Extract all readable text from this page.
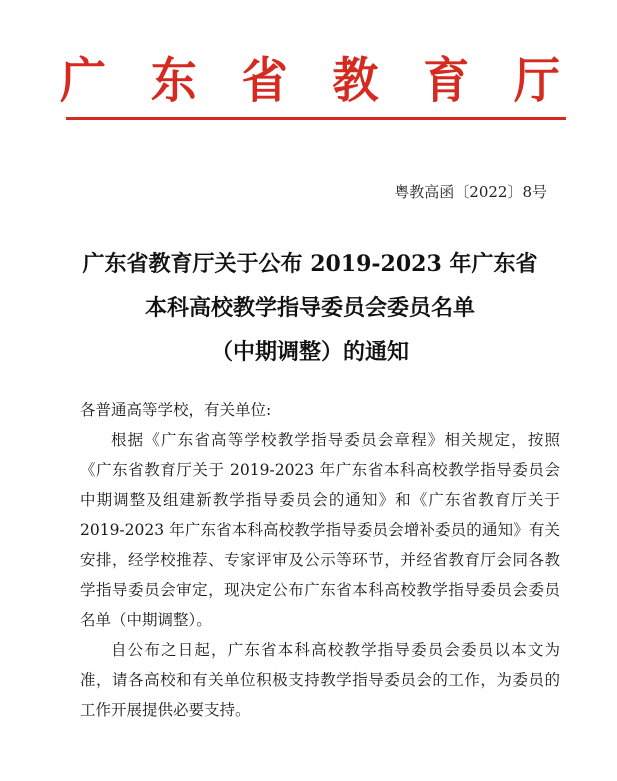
广 东 省 教 育 厅
粤教高函〔2022〕8号
广东省教育厅关于公布 2019-2023 年广东省
本科高校教学指导委员会委员名单
（中期调整）的通知
各普通高等学校，有关单位:

根据《广东省高等学校教学指导委员会章程》相关规定，按照《广东省教育厅关于 2019-2023 年广东省本科高校教学指导委员会中期调整及组建新教学指导委员会的通知》和《广东省教育厅关于 2019-2023 年广东省本科高校教学指导委员会增补委员的通知》有关安排，经学校推荐、专家评审及公示等环节，并经省教育厅会同各教学指导委员会审定，现决定公布广东省本科高校教学指导委员会委员名单（中期调整）。

自公布之日起，广东省本科高校教学指导委员会委员以本文为准，请各高校和有关单位积极支持教学指导委员会的工作，为委员的工作开展提供必要支持。
